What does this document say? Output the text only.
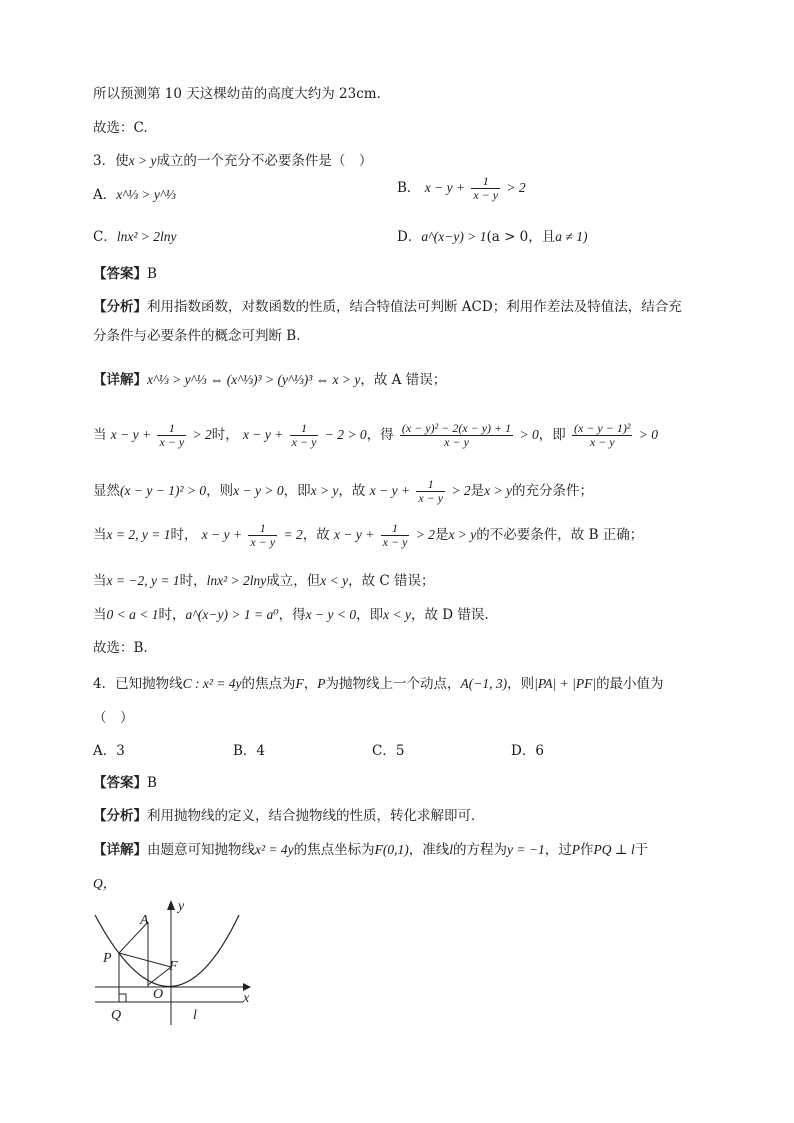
所以预测第 10 天这棵幼苗的高度大约为 23cm．
故选：C.
3．使x > y成立的一个充分不必要条件是（　）
A．x^⅓ > y^⅓	B． $x - y + \frac{1}{x - y} > 2$
C．lnx² > 2lny	D．a^(x−y) > 1(a > 0，且a ≠ 1)
【答案】B
【分析】利用指数函数，对数函数的性质，结合特值法可判断 ACD；利用作差法及特值法，结合充
分条件与必要条件的概念可判断 B.
【详解】x^⅓ > y^⅓ ⇔ (x^⅓)³ > (y^⅓)³ ⇔ x > y，故 A 错误；
当 $x - y + \frac{1}{x - y} > 2$时， $x - y + \frac{1}{x - y} - 2 > 0$，得 $\frac{\text{(x − y)² − 2(x − y) + 1}}{x - y} > 0$，即 $\frac{\text{(x − y − 1)²}}{x - y} > 0$
显然(x − y − 1)² > 0，则x − y > 0，即x > y，故 $x - y + \frac{1}{x - y} > 2$是x > y的充分条件；
当x = 2, y = 1时， $x - y + \frac{1}{x - y} = 2$，故 $x - y + \frac{1}{x - y} > 2$是x > y的不必要条件，故 B 正确；
当x = −2, y = 1时，lnx² > 2lny成立，但x < y，故 C 错误；
当0 < a < 1时，a^(x−y) > 1 = a⁰，得x − y < 0，即x < y，故 D 错误.
故选：B.
4．已知抛物线C : x² = 4y的焦点为F，P为抛物线上一个动点，A(−1, 3)，则|PA| + |PF|的最小值为
（　）
A．3	B．4	C．5	D．6
【答案】B
【分析】利用抛物线的定义，结合抛物线的性质，转化求解即可．
【详解】由题意可知抛物线x² = 4y的焦点坐标为F(0,1)，准线l的方程为y = −1，过P作PQ ⊥ l于
Q，
y
x
A
P
F
O
Q	l
